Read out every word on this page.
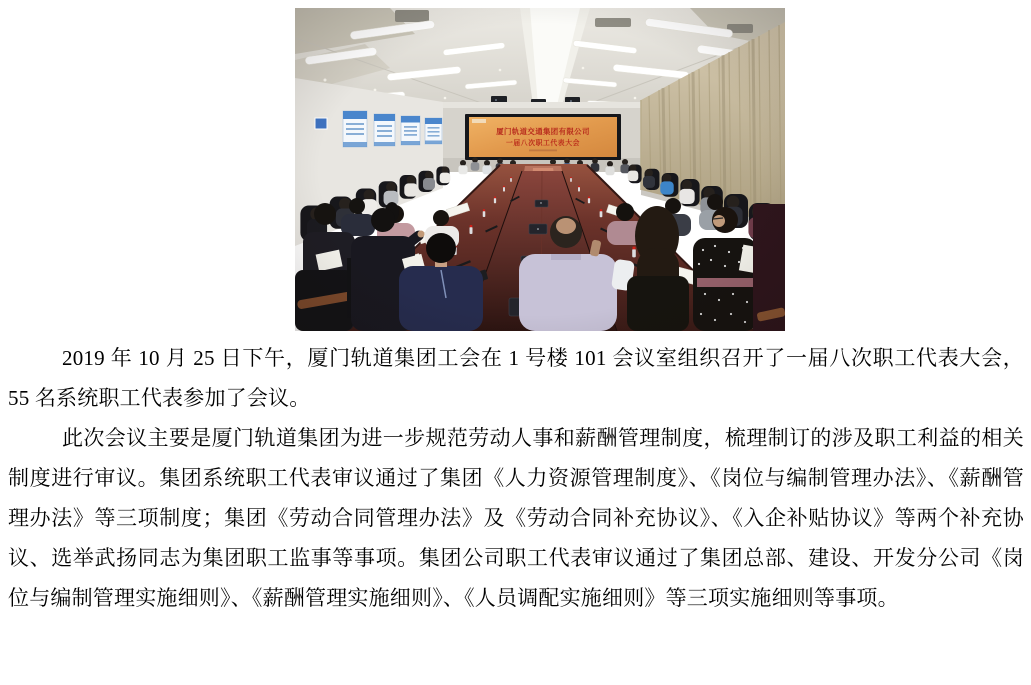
2019 年 10 月 25 日下午，厦门轨道集团工会在 1 号楼 101 会议室组织召开了一届八次职工代表大会，55 名系统职工代表参加了会议。

此次会议主要是厦门轨道集团为进一步规范劳动人事和薪酬管理制度，梳理制订的涉及职工利益的相关制度进行审议。集团系统职工代表审议通过了集团《人力资源管理制度》、《岗位与编制管理办法》、《薪酬管理办法》等三项制度；集团《劳动合同管理办法》及《劳动合同补充协议》、《入企补贴协议》等两个补充协议、选举武扬同志为集团职工监事等事项。集团公司职工代表审议通过了集团总部、建设、开发分公司《岗位与编制管理实施细则》、《薪酬管理实施细则》、《人员调配实施细则》等三项实施细则等事项。
